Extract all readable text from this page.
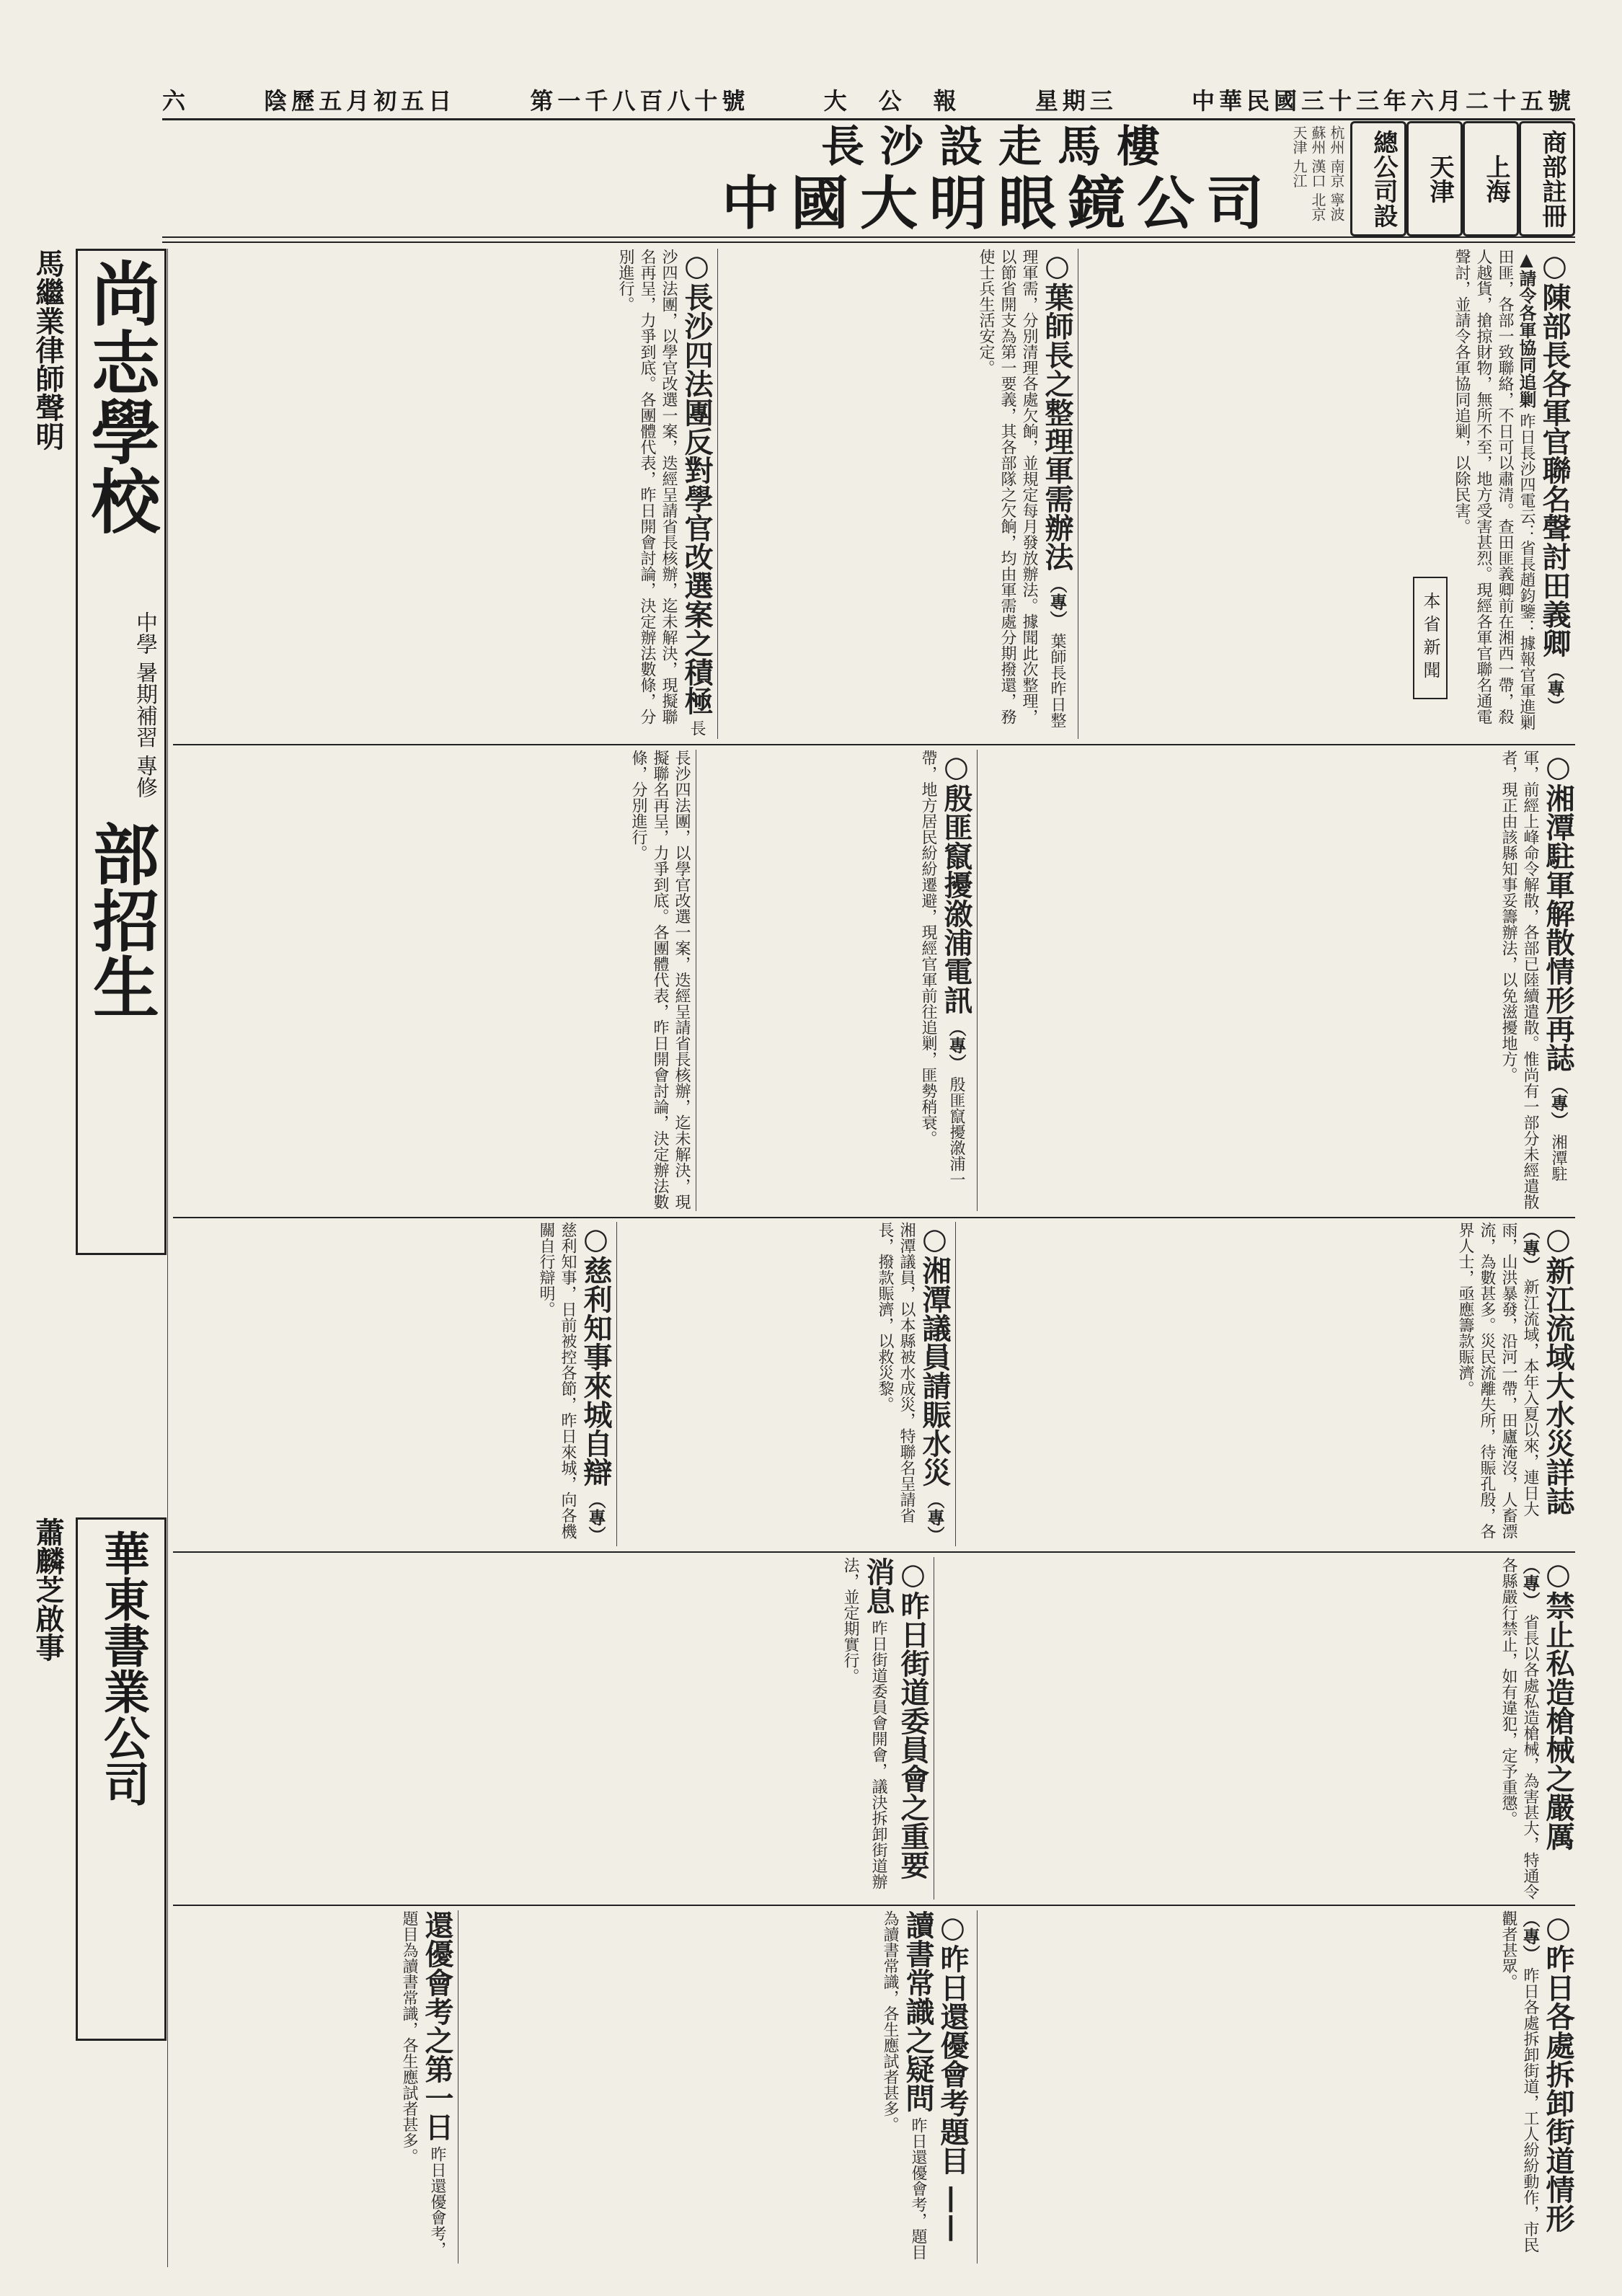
中華民國三十三年六月二十五號
星期三
大　公　報
第一千八百八十號
陰歷五月初五日
六
商部註冊
上海
天津
總公司設
杭州 南京 寧波 蘇州 漢口 北京 天津 九江
長沙設走馬樓
中國大明眼鏡公司
尚志學校
中學 暑期補習 專修
部招生
馬繼業律師聲明
華東書業公司
蕭麟芝啟事
本省新聞	○陳部長各軍官聯名聲討田義卿 （專） ▲請令各軍協同追剿 昨日長沙四電云：省長趙鈞鑒：據報官軍進剿田匪，各部一致聯絡，不日可以肅清。查田匪義卿前在湘西一帶，殺人越貨，搶掠財物，無所不至，地方受害甚烈。現經各軍官聯名通電聲討，並請令各軍協同追剿，以除民害。
○葉師長之整理軍需辦法 （專） 葉師長昨日整理軍需，分別清理各處欠餉，並規定每月發放辦法。據聞此次整理，以節省開支為第一要義，其各部隊之欠餉，均由軍需處分期撥還，務使士兵生活安定。
○長沙四法團反對學官改選案之積極 長沙四法團，以學官改選一案，迭經呈請省長核辦，迄未解決，現擬聯名再呈，力爭到底。各團體代表，昨日開會討論，決定辦法數條，分別進行。
○湘潭駐軍解散情形再誌 （專） 湘潭駐軍，前經上峰命令解散，各部已陸續遣散。惟尚有一部分未經遣散者，現正由該縣知事妥籌辦法，以免滋擾地方。
○殷匪竄擾漵浦電訊 （專） 殷匪竄擾漵浦一帶，地方居民紛紛遷避，現經官軍前往追剿，匪勢稍衰。
長沙四法團，以學官改選一案，迭經呈請省長核辦，迄未解決，現擬聯名再呈，力爭到底。各團體代表，昨日開會討論，決定辦法數條，分別進行。
○新江流域大水災詳誌 （專） 新江流域，本年入夏以來，連日大雨，山洪暴發，沿河一帶，田廬淹沒，人畜漂流，為數甚多。災民流離失所，待賑孔殷，各界人士，亟應籌款賑濟。
○湘潭議員請賑水災 （專） 湘潭議員，以本縣被水成災，特聯名呈請省長，撥款賑濟，以救災黎。
○慈利知事來城自辯 （專） 慈利知事，日前被控各節，昨日來城，向各機關自行辯明。
○禁止私造槍械之嚴厲 （專） 省長以各處私造槍械，為害甚大，特通令各縣嚴行禁止，如有違犯，定予重懲。
○昨日街道委員會之重要消息 昨日街道委員會開會，議決拆卸街道辦法，並定期實行。
○昨日各處拆卸街道情形 （專） 昨日各處拆卸街道，工人紛紛動作，市民觀者甚眾。
○昨日還優會考題目 —— 讀書常識之疑問 昨日還優會考，題目為讀書常識，各生應試者甚多。
還優會考之第一日 昨日還優會考，題目為讀書常識，各生應試者甚多。
